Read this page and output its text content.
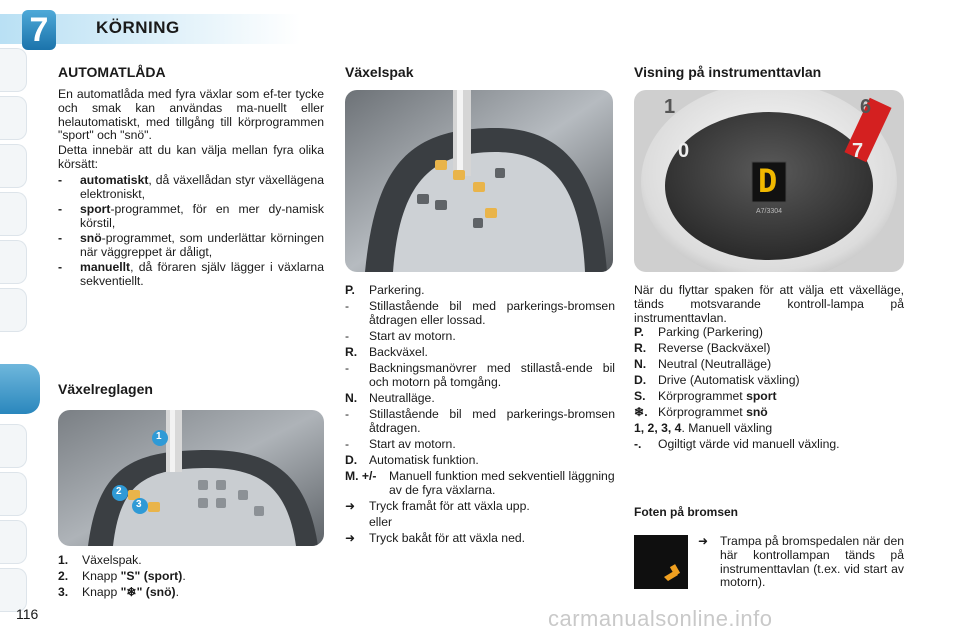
7	KÖRNING
AUTOMATLÅDA
En automatlåda med fyra växlar som ef-ter tycke och smak kan användas ma-nuellt eller helautomatiskt, med tillgång till körprogrammen "sport" och "snö".
Detta innebär att du kan välja mellan fyra olika körsätt:
- automatiskt, då växellådan styr växellägena elektroniskt,
- sport-programmet, för en mer dy-namisk körstil,
- snö-programmet, som underlättar körningen när väggreppet är dåligt,
- manuellt, då föraren själv lägger i växlarna sekventiellt.
Växelreglagen
1
2
3
1. Växelspak.
2. Knapp "S" (sport).
3. Knapp "❄" (snö).
Växelspak
P. Parkering.
- Stillastående bil med parkerings-bromsen åtdragen eller lossad.
- Start av motorn.
R. Backväxel.
- Backningsmanövrer med stillastå-ende bil och motorn på tomgång.
N. Neutralläge.
- Stillastående bil med parkerings-bromsen åtdragen.
- Start av motorn.
D. Automatisk funktion.
M. +/- Manuell funktion med sekventiell läggning av de fyra växlarna.
➜ Tryck framåt för att växla upp.
eller
➜ Tryck bakåt för att växla ned.
Visning på instrumenttavlan
1	6
0	7
D
A7/3304
När du flyttar spaken för att välja ett växelläge, tänds motsvarande kontroll-lampa på instrumenttavlan.
P. Parking (Parkering)
R. Reverse (Backväxel)
N. Neutral (Neutralläge)
D. Drive (Automatisk växling)
S. Körprogrammet sport
❄. Körprogrammet snö
1, 2, 3, 4. Manuell växling
-. Ogiltigt värde vid manuell växling.
Foten på bromsen
➜ Trampa på bromspedalen när den här kontrollampan tänds på instrumenttavlan (t.ex. vid start av motorn).
116	carmanualsonline.info
